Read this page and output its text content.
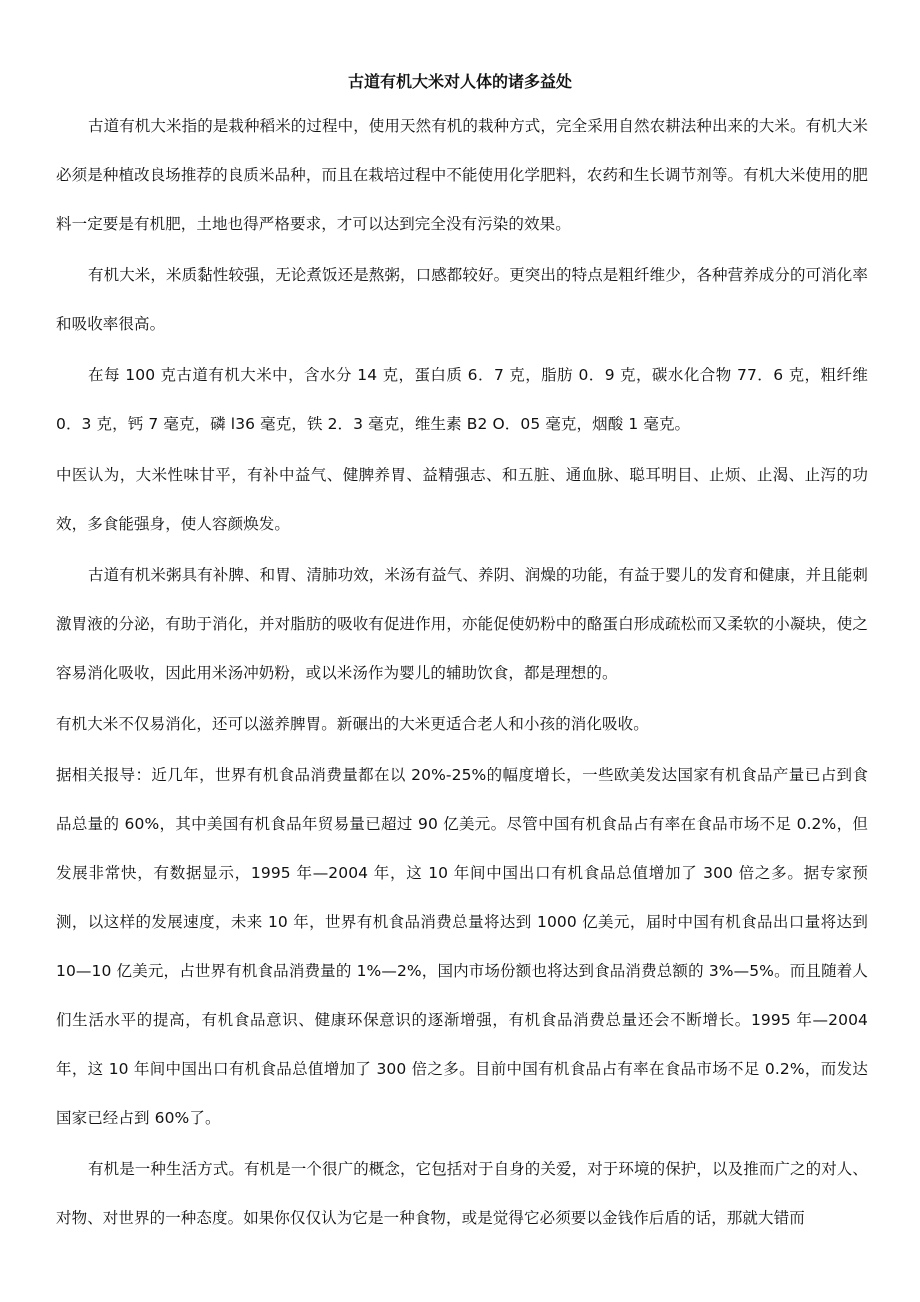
古道有机大米对人体的诸多益处

古道有机大米指的是栽种稻米的过程中，使用天然有机的栽种方式，完全采用自然农耕法种出来的大米。有机大米必须是种植改良场推荐的良质米品种，而且在栽培过程中不能使用化学肥料，农药和生长调节剂等。有机大米使用的肥料一定要是有机肥，土地也得严格要求，才可以达到完全没有污染的效果。

有机大米，米质黏性较强，无论煮饭还是熬粥，口感都较好。更突出的特点是粗纤维少，各种营养成分的可消化率和吸收率很高。

在每 100 克古道有机大米中，含水分 14 克，蛋白质 6．7 克，脂肪 0．9 克，碳水化合物 77．6 克，粗纤维 0．3 克，钙 7 毫克，磷 l36 毫克，铁 2．3 毫克，维生素 B2 O．05 毫克，烟酸 1 毫克。

中医认为，大米性味甘平，有补中益气、健脾养胃、益精强志、和五脏、通血脉、聪耳明目、止烦、止渴、止泻的功效，多食能强身，使人容颜焕发。

古道有机米粥具有补脾、和胃、清肺功效，米汤有益气、养阴、润燥的功能，有益于婴儿的发育和健康，并且能刺激胃液的分泌，有助于消化，并对脂肪的吸收有促进作用，亦能促使奶粉中的酪蛋白形成疏松而又柔软的小凝块，使之容易消化吸收，因此用米汤冲奶粉，或以米汤作为婴儿的辅助饮食，都是理想的。

有机大米不仅易消化，还可以滋养脾胃。新碾出的大米更适合老人和小孩的消化吸收。

据相关报导：近几年，世界有机食品消费量都在以 20%-25%的幅度增长，一些欧美发达国家有机食品产量已占到食品总量的 60%，其中美国有机食品年贸易量已超过 90 亿美元。尽管中国有机食品占有率在食品市场不足 0.2%，但发展非常快，有数据显示，1995 年—2004 年，这 10 年间中国出口有机食品总值增加了 300 倍之多。据专家预测，以这样的发展速度，未来 10 年，世界有机食品消费总量将达到 1000 亿美元，届时中国有机食品出口量将达到 10—10 亿美元，占世界有机食品消费量的 1%—2%，国内市场份额也将达到食品消费总额的 3%—5%。而且随着人们生活水平的提高，有机食品意识、健康环保意识的逐渐增强，有机食品消费总量还会不断增长。1995 年—2004 年，这 10 年间中国出口有机食品总值增加了 300 倍之多。目前中国有机食品占有率在食品市场不足 0.2%，而发达国家已经占到 60%了。

有机是一种生活方式。有机是一个很广的概念，它包括对于自身的关爱，对于环境的保护，以及推而广之的对人、对物、对世界的一种态度。如果你仅仅认为它是一种食物，或是觉得它必须要以金钱作后盾的话，那就大错而
